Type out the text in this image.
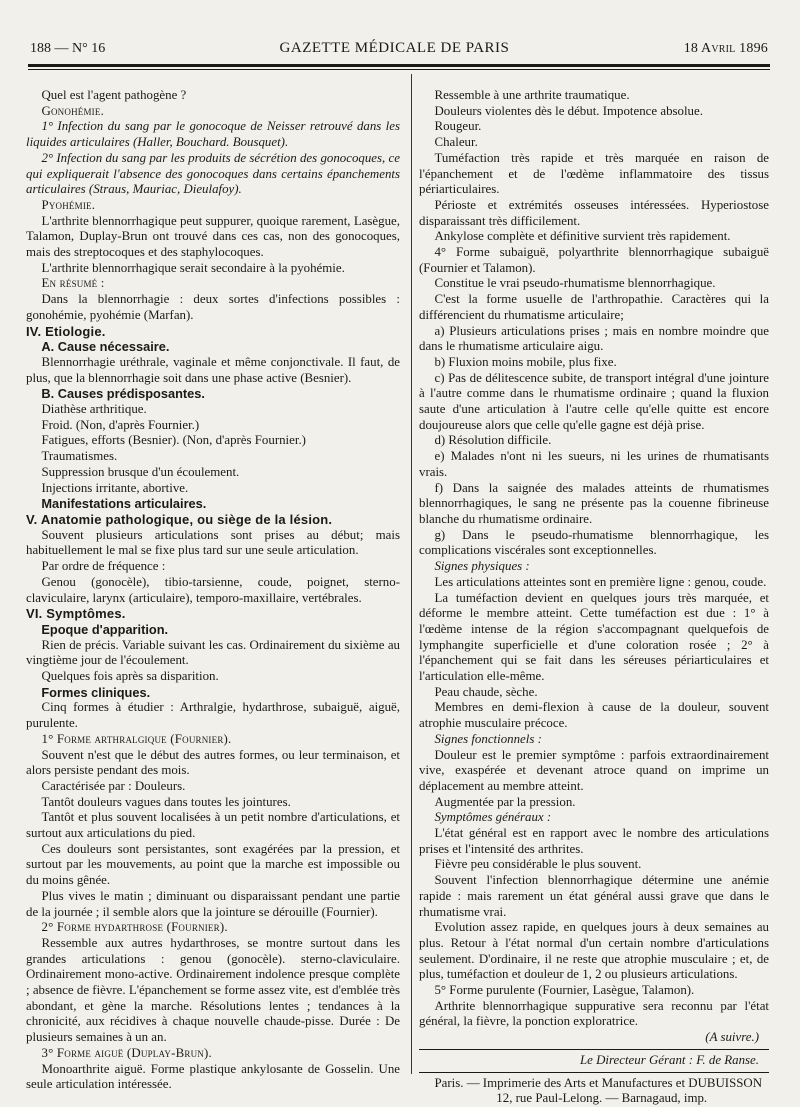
188 — N° 16	GAZETTE MÉDICALE DE PARIS	18 Avril 1896

Quel est l'agent pathogène ?

Gonohémie.

1° Infection du sang par le gonocoque de Neisser retrouvé dans les liquides articulaires (Haller, Bouchard. Bousquet).

2° Infection du sang par les produits de sécrétion des gonocoques, ce qui expliquerait l'absence des gonocoques dans certains épanchements articulaires (Straus, Mauriac, Dieulafoy).

Pyohémie.

L'arthrite blennorrhagique peut suppurer, quoique rarement, Lasègue, Talamon, Duplay-Brun ont trouvé dans ces cas, non des gonocoques, mais des streptocoques et des staphylocoques.

L'arthrite blennorrhagique serait secondaire à la pyohémie.

En résumé :

Dans la blennorrhagie : deux sortes d'infections possibles : gonohémie, pyohémie (Marfan).

IV. Etiologie.

A. Cause nécessaire.

Blennorrhagie uréthrale, vaginale et même conjonctivale. Il faut, de plus, que la blennorrhagie soit dans une phase active (Besnier).

B. Causes prédisposantes.

Diathèse arthritique.

Froid. (Non, d'après Fournier.)

Fatigues, efforts (Besnier). (Non, d'après Fournier.)

Traumatismes.

Suppression brusque d'un écoulement.

Injections irritante, abortive.

Manifestations articulaires.

V. Anatomie pathologique, ou siège de la lésion.

Souvent plusieurs articulations sont prises au début; mais habituellement le mal se fixe plus tard sur une seule articulation.

Par ordre de fréquence :

Genou (gonocèle), tibio-tarsienne, coude, poignet, sterno-claviculaire, larynx (articulaire), temporo-maxillaire, vertébrales.

VI. Symptômes.

Epoque d'apparition.

Rien de précis. Variable suivant les cas. Ordinairement du sixième au vingtième jour de l'écoulement.

Quelques fois après sa disparition.

Formes cliniques.

Cinq formes à étudier : Arthralgie, hydarthrose, subaiguë, aiguë, purulente.

1° Forme arthralgique (Fournier).

Souvent n'est que le début des autres formes, ou leur terminaison, et alors persiste pendant des mois.

Caractérisée par : Douleurs.

Tantôt douleurs vagues dans toutes les jointures.

Tantôt et plus souvent localisées à un petit nombre d'articulations, et surtout aux articulations du pied.

Ces douleurs sont persistantes, sont exagérées par la pression, et surtout par les mouvements, au point que la marche est impossible ou du moins gênée.

Plus vives le matin ; diminuant ou disparaissant pendant une partie de la journée ; il semble alors que la jointure se dérouille (Fournier).

2° Forme hydarthrose (Fournier).

Ressemble aux autres hydarthroses, se montre surtout dans les grandes articulations : genou (gonocèle). sterno-claviculaire. Ordinairement mono-active. Ordinairement indolence presque complète ; absence de fièvre. L'épanchement se forme assez vite, est d'emblée très abondant, et gène la marche. Résolutions lentes ; tendances à la chronicité, aux récidives à chaque nouvelle chaude-pisse. Durée : De plusieurs semaines à un an.

3° Forme aiguë (Duplay-Brun).

Monoarthrite aiguë. Forme plastique ankylosante de Gosselin. Une seule articulation intéressée.

Ressemble à une arthrite traumatique.

Douleurs violentes dès le début. Impotence absolue.

Rougeur.

Chaleur.

Tuméfaction très rapide et très marquée en raison de l'épanchement et de l'œdème inflammatoire des tissus périarticulaires.

Périoste et extrémités osseuses intéressées. Hyperiostose disparaissant très difficilement.

Ankylose complète et définitive survient très rapidement.

4° Forme subaiguë, polyarthrite blennorrhagique subaiguë (Fournier et Talamon).

Constitue le vrai pseudo-rhumatisme blennorrhagique.

C'est la forme usuelle de l'arthropathie. Caractères qui la différencient du rhumatisme articulaire;

a) Plusieurs articulations prises ; mais en nombre moindre que dans le rhumatisme articulaire aigu.

b) Fluxion moins mobile, plus fixe.

c) Pas de délitescence subite, de transport intégral d'une jointure à l'autre comme dans le rhumatisme ordinaire ; quand la fluxion saute d'une articulation à l'autre celle qu'elle quitte est encore doujoureuse alors que celle qu'elle gagne est déjà prise.

d) Résolution difficile.

e) Malades n'ont ni les sueurs, ni les urines de rhumatisants vrais.

f) Dans la saignée des malades atteints de rhumatismes blennorrhagiques, le sang ne présente pas la couenne fibrineuse blanche du rhumatisme ordinaire.

g) Dans le pseudo-rhumatisme blennorrhagique, les complications viscérales sont exceptionnelles.

Signes physiques :

Les articulations atteintes sont en première ligne : genou, coude.

La tuméfaction devient en quelques jours très marquée, et déforme le membre atteint. Cette tuméfaction est due : 1° à l'œdème intense de la région s'accompagnant quelquefois de lymphangite superficielle et d'une coloration rosée ; 2° à l'épanchement qui se fait dans les séreuses périarticulaires et l'articulation elle-même.

Peau chaude, sèche.

Membres en demi-flexion à cause de la douleur, souvent atrophie musculaire précoce.

Signes fonctionnels :

Douleur est le premier symptôme : parfois extraordinairement vive, exaspérée et devenant atroce quand on imprime un déplacement au membre atteint.

Augmentée par la pression.

Symptômes généraux :

L'état général est en rapport avec le nombre des articulations prises et l'intensité des arthrites.

Fièvre peu considérable le plus souvent.

Souvent l'infection blennorrhagique détermine une anémie rapide : mais rarement un état général aussi grave que dans le rhumatisme vrai.

Evolution assez rapide, en quelques jours à deux semaines au plus. Retour à l'état normal d'un certain nombre d'articulations seulement. D'ordinaire, il ne reste que atrophie musculaire ; et, de plus, tuméfaction et douleur de 1, 2 ou plusieurs articulations.

5° Forme purulente (Fournier, Lasègue, Talamon).

Arthrite blennorrhagique suppurative sera reconnu par l'état général, la fièvre, la ponction exploratrice.

(A suivre.)

Le Directeur Gérant : F. de Ranse.

Paris. — Imprimerie des Arts et Manufactures et DUBUISSON

12, rue Paul-Lelong. — Barnagaud, imp.
